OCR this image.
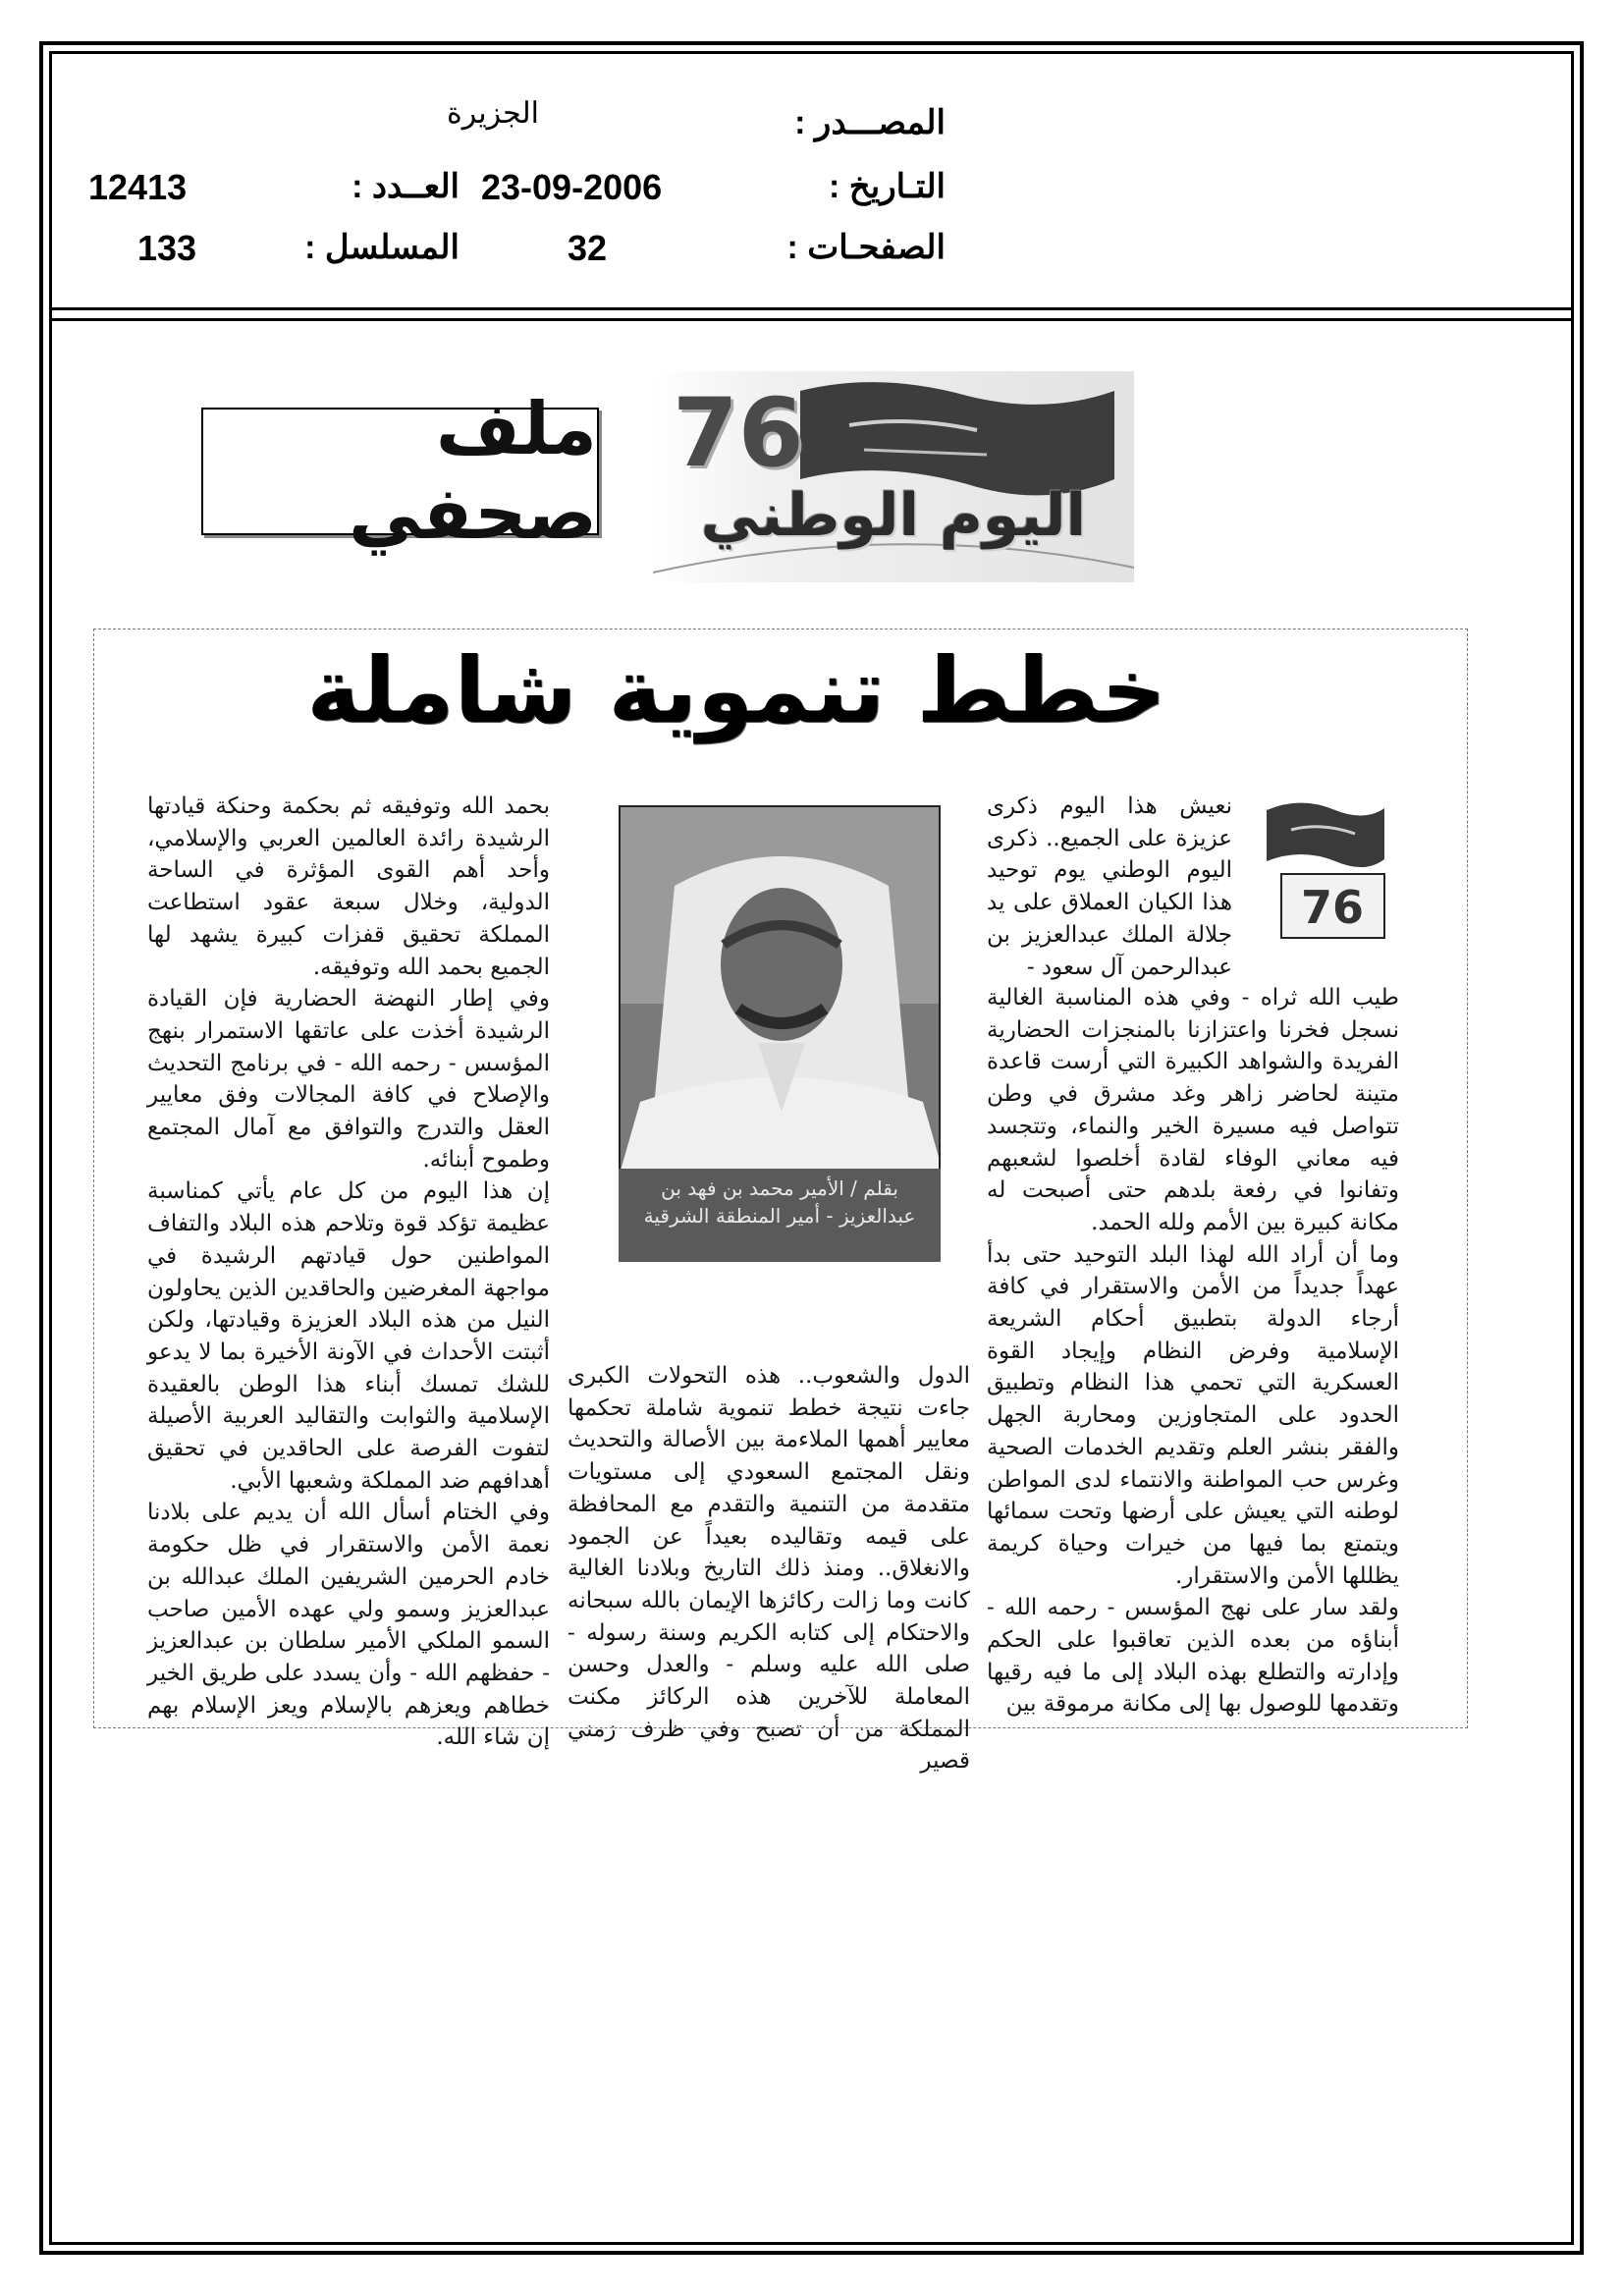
المصـــدر :
الجزيرة
التـاريخ :
23-09-2006
العــدد :
12413
الصفحـات :
32
المسلسل :
133
ملف صحفي
76
اليوم الوطني
خطط تنموية شاملة
76
نعيش هذا اليوم ذكرى عزيزة على الجميع.. ذكرى اليوم الوطني يوم توحيد هذا الكيان العملاق على يد جلالة الملك عبدالعزيز بن عبدالرحمن آل سعود -

طيب الله ثراه - وفي هذه المناسبة الغالية نسجل فخرنا واعتزازنا بالمنجزات الحضارية الفريدة والشواهد الكبيرة التي أرست قاعدة متينة لحاضر زاهر وغد مشرق في وطن تتواصل فيه مسيرة الخير والنماء، وتتجسد فيه معاني الوفاء لقادة أخلصوا لشعبهم وتفانوا في رفعة بلدهم حتى أصبحت له مكانة كبيرة بين الأمم ولله الحمد.

وما أن أراد الله لهذا البلد التوحيد حتى بدأ عهداً جديداً من الأمن والاستقرار في كافة أرجاء الدولة بتطبيق أحكام الشريعة الإسلامية وفرض النظام وإيجاد القوة العسكرية التي تحمي هذا النظام وتطبيق الحدود على المتجاوزين ومحاربة الجهل والفقر بنشر العلم وتقديم الخدمات الصحية وغرس حب المواطنة والانتماء لدى المواطن لوطنه التي يعيش على أرضها وتحت سمائها ويتمتع بما فيها من خيرات وحياة كريمة يظللها الأمن والاستقرار.

ولقد سار على نهج المؤسس - رحمه الله - أبناؤه من بعده الذين تعاقبوا على الحكم وإدارته والتطلع بهذه البلاد إلى ما فيه رقيها وتقدمها للوصول بها إلى مكانة مرموقة بين

بقلم / الأمير محمد بن فهد بن عبدالعزيز - أمير المنطقة الشرقية

الدول والشعوب.. هذه التحولات الكبرى جاءت نتيجة خطط تنموية شاملة تحكمها معايير أهمها الملاءمة بين الأصالة والتحديث ونقل المجتمع السعودي إلى مستويات متقدمة من التنمية والتقدم مع المحافظة على قيمه وتقاليده بعيداً عن الجمود والانغلاق.. ومنذ ذلك التاريخ وبلادنا الغالية كانت وما زالت ركائزها الإيمان بالله سبحانه والاحتكام إلى كتابه الكريم وسنة رسوله - صلى الله عليه وسلم - والعدل وحسن المعاملة للآخرين هذه الركائز مكنت المملكة من أن تصبح وفي ظرف زمني قصير

بحمد الله وتوفيقه ثم بحكمة وحنكة قيادتها الرشيدة رائدة العالمين العربي والإسلامي، وأحد أهم القوى المؤثرة في الساحة الدولية، وخلال سبعة عقود استطاعت المملكة تحقيق قفزات كبيرة يشهد لها الجميع بحمد الله وتوفيقه.

وفي إطار النهضة الحضارية فإن القيادة الرشيدة أخذت على عاتقها الاستمرار بنهج المؤسس - رحمه الله - في برنامج التحديث والإصلاح في كافة المجالات وفق معايير العقل والتدرج والتوافق مع آمال المجتمع وطموح أبنائه.

إن هذا اليوم من كل عام يأتي كمناسبة عظيمة تؤكد قوة وتلاحم هذه البلاد والتفاف المواطنين حول قيادتهم الرشيدة في مواجهة المغرضين والحاقدين الذين يحاولون النيل من هذه البلاد العزيزة وقيادتها، ولكن أثبتت الأحداث في الآونة الأخيرة بما لا يدعو للشك تمسك أبناء هذا الوطن بالعقيدة الإسلامية والثوابت والتقاليد العربية الأصيلة لتفوت الفرصة على الحاقدين في تحقيق أهدافهم ضد المملكة وشعبها الأبي.

وفي الختام أسأل الله أن يديم على بلادنا نعمة الأمن والاستقرار في ظل حكومة خادم الحرمين الشريفين الملك عبدالله بن عبدالعزيز وسمو ولي عهده الأمين صاحب السمو الملكي الأمير سلطان بن عبدالعزيز - حفظهم الله - وأن يسدد على طريق الخير خطاهم ويعزهم بالإسلام ويعز الإسلام بهم إن شاء الله.
